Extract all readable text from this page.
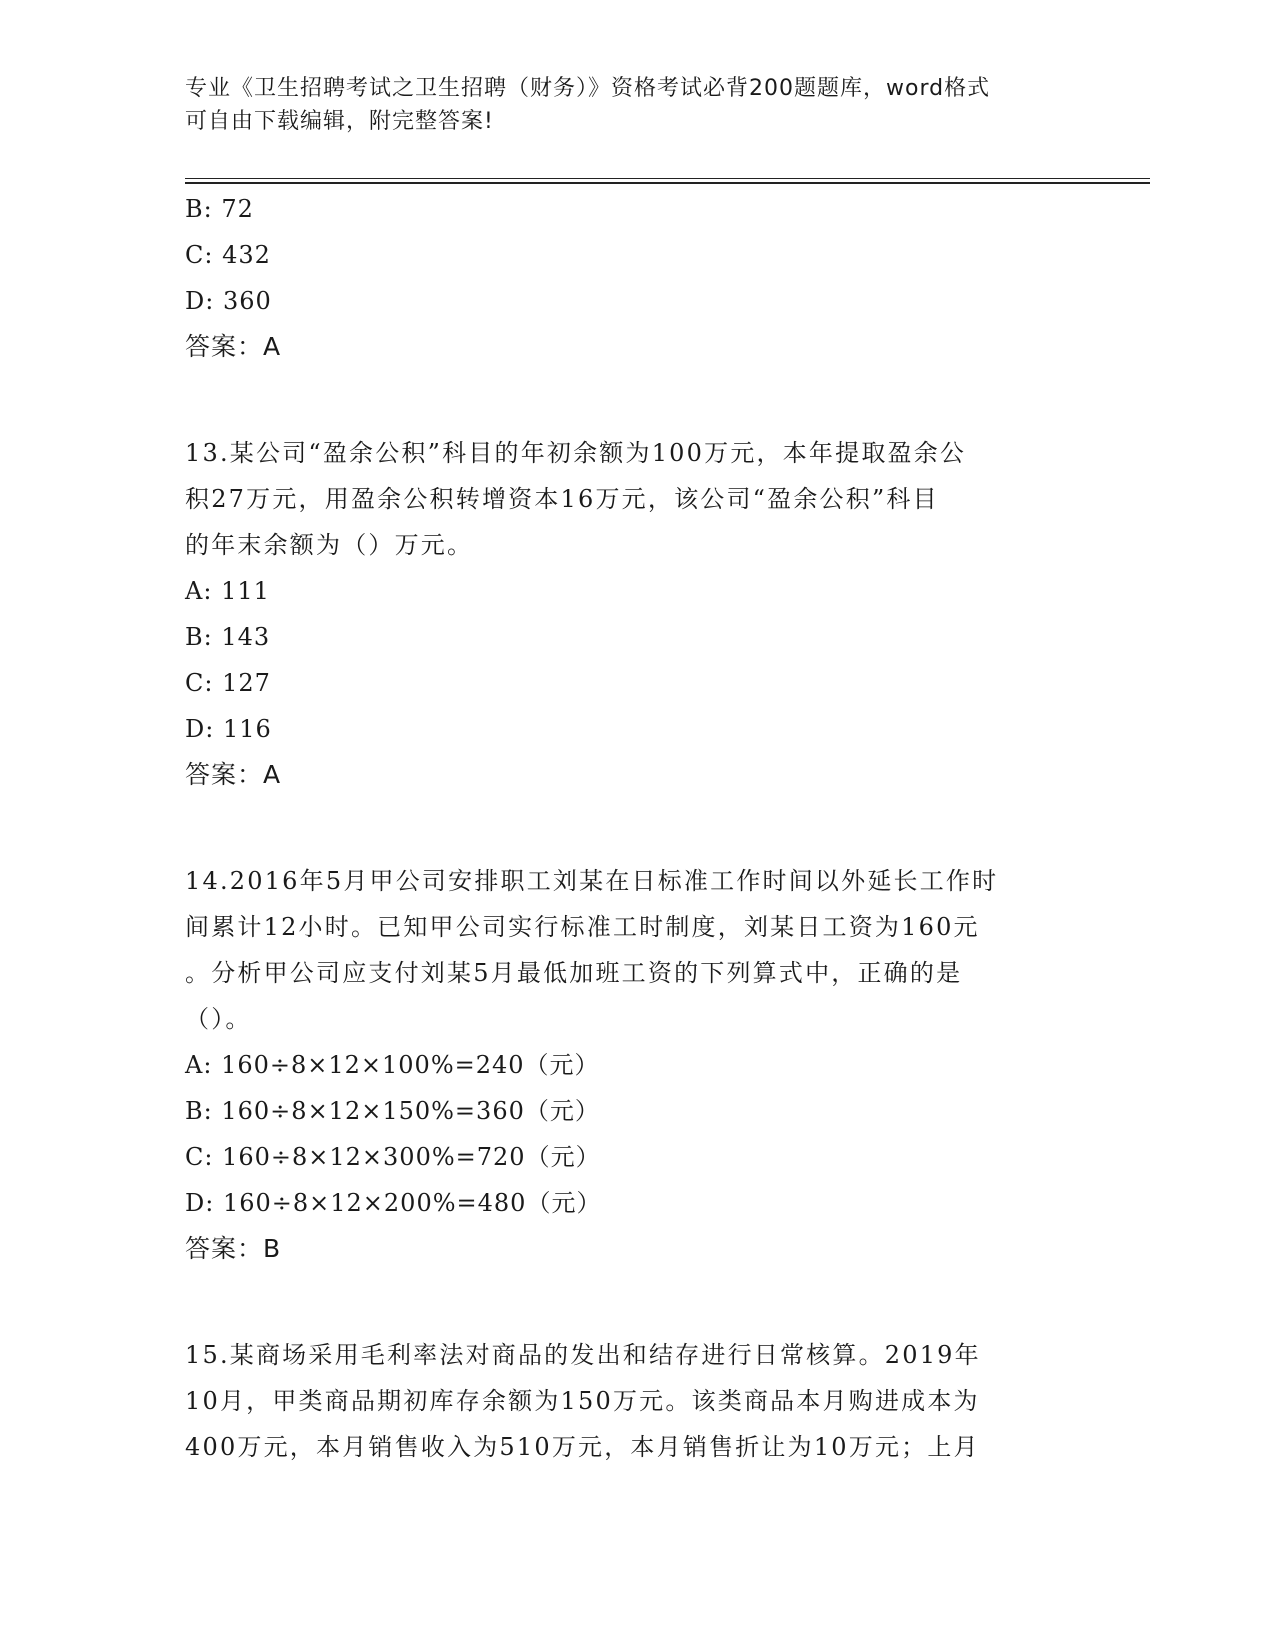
专业《卫生招聘考试之卫生招聘（财务）》资格考试必背200题题库，word格式
可自由下载编辑，附完整答案!
B: 72
C: 432
D: 360
答案：A
13.某公司“盈余公积”科目的年初余额为100万元，本年提取盈余公
积27万元，用盈余公积转增资本16万元，该公司“盈余公积”科目
的年末余额为（）万元。
A: 111
B: 143
C: 127
D: 116
答案：A
14.2016年5月甲公司安排职工刘某在日标准工作时间以外延长工作时
间累计12小时。已知甲公司实行标准工时制度，刘某日工资为160元
。分析甲公司应支付刘某5月最低加班工资的下列算式中，正确的是
（）。
A: 160÷8×12×100%=240（元）
B: 160÷8×12×150%=360（元）
C: 160÷8×12×300%=720（元）
D: 160÷8×12×200%=480（元）
答案：B
15.某商场采用毛利率法对商品的发出和结存进行日常核算。2019年
10月，甲类商品期初库存余额为150万元。该类商品本月购进成本为
400万元，本月销售收入为510万元，本月销售折让为10万元；上月
